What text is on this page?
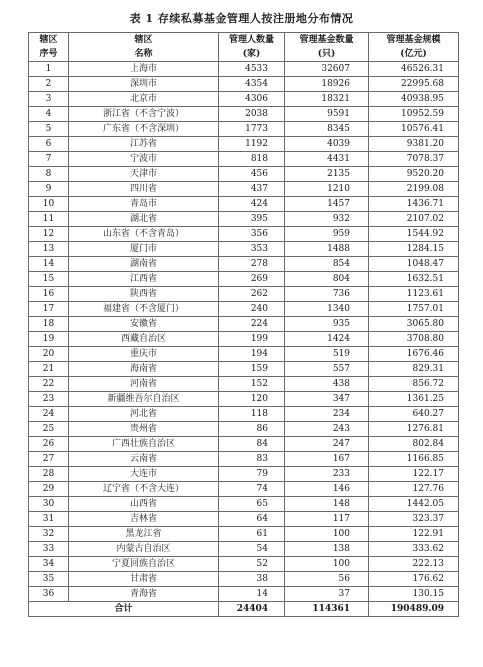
表 1 存续私募基金管理人按注册地分布情况
辖区	辖区	管理人数量	管理基金数量	管理基金规模
序号	名称	(家)	(只)	(亿元)
1	上海市	4533	32607	46526.31
2	深圳市	4354	18926	22995.68
3	北京市	4306	18321	40938.95
4	浙江省（不含宁波）	2038	9591	10952.59
5	广东省（不含深圳）	1773	8345	10576.41
6	江苏省	1192	4039	9381.20
7	宁波市	818	4431	7078.37
8	天津市	456	2135	9520.20
9	四川省	437	1210	2199.08
10	青岛市	424	1457	1436.71
11	湖北省	395	932	2107.02
12	山东省（不含青岛）	356	959	1544.92
13	厦门市	353	1488	1284.15
14	湖南省	278	854	1048.47
15	江西省	269	804	1632.51
16	陕西省	262	736	1123.61
17	福建省（不含厦门）	240	1340	1757.01
18	安徽省	224	935	3065.80
19	西藏自治区	199	1424	3708.80
20	重庆市	194	519	1676.46
21	海南省	159	557	829.31
22	河南省	152	438	856.72
23	新疆维吾尔自治区	120	347	1361.25
24	河北省	118	234	640.27
25	贵州省	86	243	1276.81
26	广西壮族自治区	84	247	802.84
27	云南省	83	167	1166.85
28	大连市	79	233	122.17
29	辽宁省（不含大连）	74	146	127.76
30	山西省	65	148	1442.05
31	吉林省	64	117	323.37
32	黑龙江省	61	100	122.91
33	内蒙古自治区	54	138	333.62
34	宁夏回族自治区	52	100	222.13
35	甘肃省	38	56	176.62
36	青海省	14	37	130.15
合计		24404	114361	190489.09
